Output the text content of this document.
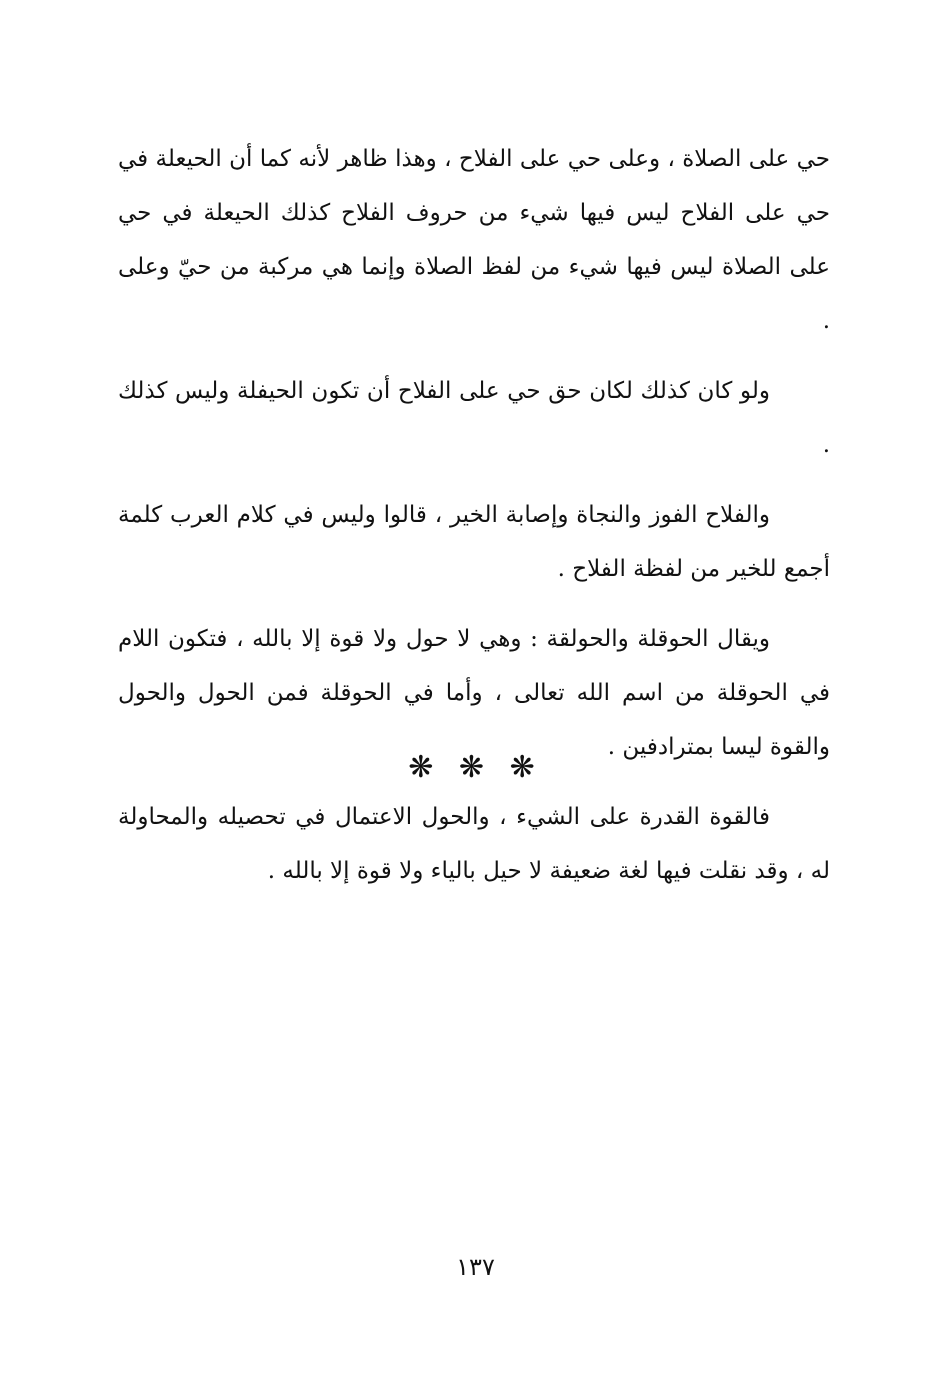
حي على الصلاة ، وعلى حي على الفلاح ، وهذا ظاهر لأنه كما أن الحيعلة في حي على الفلاح ليس فيها شيء من حروف الفلاح كذلك الحيعلة في حي على الصلاة ليس فيها شيء من لفظ الصلاة وإنما هي مركبة من حيّ وعلى .

ولو كان كذلك لكان حق حي على الفلاح أن تكون الحيفلة وليس كذلك .

والفلاح الفوز والنجاة وإصابة الخير ، قالوا وليس في كلام العرب كلمة أجمع للخير من لفظة الفلاح .

ويقال الحوقلة والحولقة : وهي لا حول ولا قوة إلا بالله ، فتكون اللام في الحوقلة من اسم الله تعالى ، وأما في الحوقلة فمن الحول والحول والقوة ليسا بمترادفين .

فالقوة القدرة على الشيء ، والحول الاعتمال في تحصيله والمحاولة له ، وقد نقلت فيها لغة ضعيفة لا حيل بالياء ولا قوة إلا بالله .

❋ ❋ ❋
١٣٧
